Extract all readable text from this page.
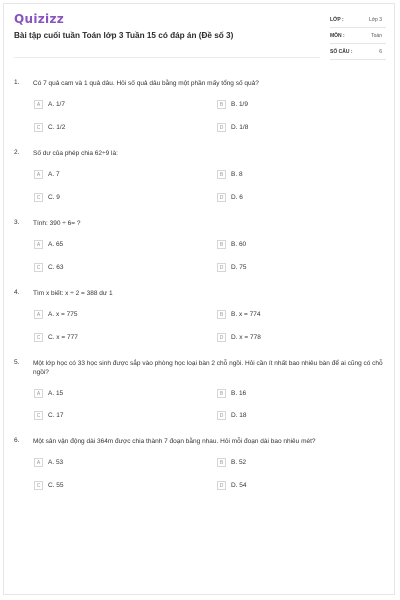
Quizizz
Bài tập cuối tuần Toán lớp 3 Tuần 15 có đáp án (Đề số 3)
LỚP :	Lớp 3
MÔN :	Toán
SỐ CÂU :	6
1. Có 7 quả cam và 1 quả dâu. Hỏi số quả dâu bằng một phần mấy tổng số quả?
A	A. 1/7	B	B. 1/9
C	C. 1/2	D	D. 1/8
2. Số dư của phép chia 62÷9 là:
A	A. 7	B	B. 8
C	C. 9	D	D. 6
3. Tính: 390 ÷ 6= ?
A	A. 65	B	B. 60
C	C. 63	D	D. 75
4. Tìm x biết: x ÷ 2 = 388 dư 1
A	A. x = 775	B	B. x = 774
C	C. x = 777	D	D. x = 778
5. Một lớp học có 33 học sinh được sắp vào phòng học loại bàn 2 chỗ ngồi. Hỏi cần ít nhất bao nhiêu bàn để ai cũng có chỗ ngồi?
A	A. 15	B	B. 16
C	C. 17	D	D. 18
6. Một sân vận động dài 364m được chia thành 7 đoạn bằng nhau. Hỏi mỗi đoạn dài bao nhiêu mét?
A	A. 53	B	B. 52
C	C. 55	D	D. 54
